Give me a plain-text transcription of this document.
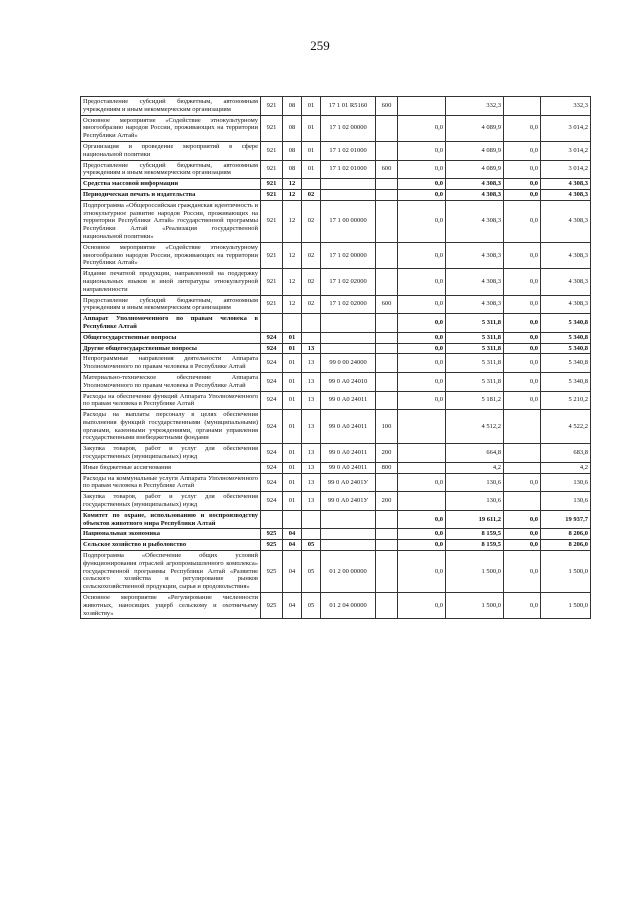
259
Предоставление субсидий бюджетным, автономным учреждениям и иным некоммерческим организациям	921	08	01	17 1 01 R5160	600		332,3		332,3
Основное мероприятие «Содействие этнокультурному многообразию народов России, проживающих на территории Республики Алтай»	921	08	01	17 1 02 00000		0,0	4 089,9	0,0	3 014,2
Организация и проведение мероприятий в сфере национальной политики	921	08	01	17 1 02 01000		0,0	4 089,9	0,0	3 014,2
Предоставление субсидий бюджетным, автономным учреждениям и иным некоммерческим организациям	921	08	01	17 1 02 01000	600	0,0	4 089,9	0,0	3 014,2
Средства массовой информации	921	12				0,0	4 308,3	0,0	4 308,3
Периодическая печать и издательства	921	12	02			0,0	4 308,3	0,0	4 308,3
Подпрограмма «Общероссийская гражданская идентичность и этнокультурное развитие народов России, проживающих на территории Республики Алтай» государственной программы Республики Алтай «Реализация государственной национальной политики»	921	12	02	17 1 00 00000		0,0	4 308,3	0,0	4 308,3
Основное мероприятие «Содействие этнокультурному многообразию народов России, проживающих на территории Республики Алтай»	921	12	02	17 1 02 00000		0,0	4 308,3	0,0	4 308,3
Издание печатной продукции, направленной на поддержку национальных языков и иной литературы этнокультурной направленности	921	12	02	17 1 02 02000		0,0	4 308,3	0,0	4 308,3
Предоставление субсидий бюджетным, автономным учреждениям и иным некоммерческим организациям	921	12	02	17 1 02 02000	600	0,0	4 308,3	0,0	4 308,3
Аппарат Уполномоченного по правам человека в Республике Алтай						0,0	5 311,8	0,0	5 340,8
Общегосударственные вопросы	924	01				0,0	5 311,8	0,0	5 340,8
Другие общегосударственные вопросы	924	01	13			0,0	5 311,8	0,0	5 340,8
Непрограммные направления деятельности Аппарата Уполномоченного по правам человека в Республике Алтай	924	01	13	99 0 00 24000		0,0	5 311,8	0,0	5 340,8
Материально-техническое обеспечение Аппарата Уполномоченного по правам человека в Республике Алтай	924	01	13	99 0 А0 24010		0,0	5 311,8	0,0	5 340,8
Расходы на обеспечение функций Аппарата Уполномоченного по правам человека в Республике Алтай	924	01	13	99 0 А0 24011		0,0	5 181,2	0,0	5 210,2
Расходы на выплаты персоналу в целях обеспечения выполнения функций государственными (муниципальными) органами, казенными учреждениями, органами управления государственными внебюджетными фондами	924	01	13	99 0 А0 24011	100		4 512,2		4 522,2
Закупка товаров, работ и услуг для обеспечения государственных (муниципальных) нужд	924	01	13	99 0 А0 24011	200		664,8		683,8
Иные бюджетные ассигнования	924	01	13	99 0 А0 24011	800		4,2		4,2
Расходы на коммунальные услуги Аппарата Уполномоченного по правам человека в Республике Алтай	924	01	13	99 0 А0 2401У		0,0	130,6	0,0	130,6
Закупка товаров, работ и услуг для обеспечения государственных (муниципальных) нужд	924	01	13	99 0 А0 2401У	200		130,6		130,6
Комитет по охране, использованию и воспроизводству объектов животного мира Республики Алтай						0,0	19 611,2	0,0	19 937,7
Национальная экономика	925	04				0,0	8 159,5	0,0	8 206,0
Сельское хозяйство и рыболовство	925	04	05			0,0	8 159,5	0,0	8 206,0
Подпрограмма «Обеспечение общих условий функционирования отраслей агропромышленного комплекса» государственной программы Республики Алтай «Развитие сельского хозяйства и регулирование рынков сельскохозяйственной продукции, сырья и продовольствия»	925	04	05	01 2 00 00000		0,0	1 500,0	0,0	1 500,0
Основное мероприятие «Регулирование численности животных, наносящих ущерб сельскому и охотничьему хозяйству»	925	04	05	01 2 04 00000		0,0	1 500,0	0,0	1 500,0
